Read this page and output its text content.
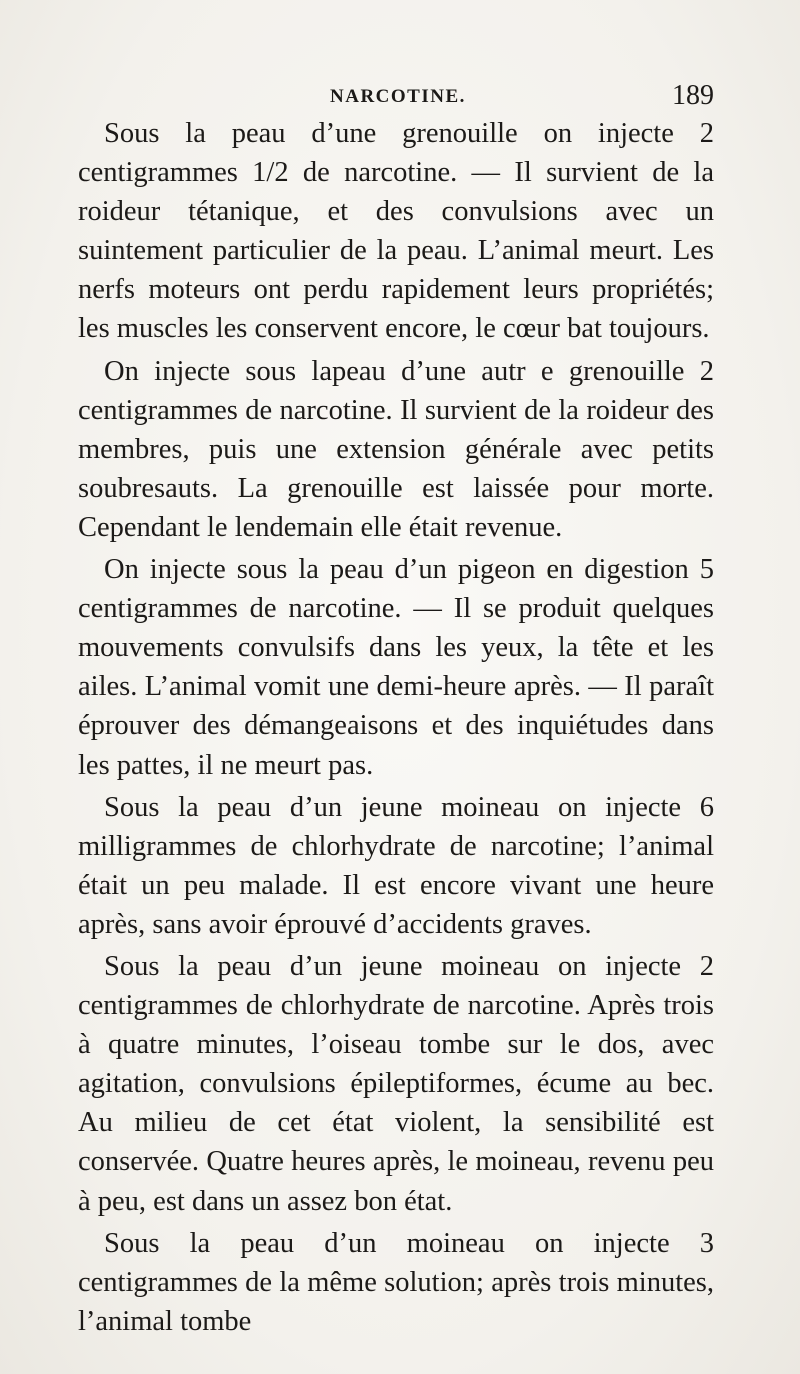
NARCOTINE.	189

Sous la peau d’une grenouille on injecte 2 centigrammes 1/2 de narcotine. — Il survient de la roideur tétanique, et des convulsions avec un suintement particulier de la peau. L’animal meurt. Les nerfs moteurs ont perdu rapidement leurs propriétés; les muscles les conservent encore, le cœur bat toujours.

On injecte sous lapeau d’une autr e grenouille 2 centigrammes de narcotine. Il survient de la roideur des membres, puis une extension générale avec petits soubresauts. La grenouille est laissée pour morte. Cependant le lendemain elle était revenue.

On injecte sous la peau d’un pigeon en digestion 5 centigrammes de narcotine. — Il se produit quelques mouvements convulsifs dans les yeux, la tête et les ailes. L’animal vomit une demi-heure après. — Il paraît éprouver des démangeaisons et des inquiétudes dans les pattes, il ne meurt pas.

Sous la peau d’un jeune moineau on injecte 6 milligrammes de chlorhydrate de narcotine; l’animal était un peu malade. Il est encore vivant une heure après, sans avoir éprouvé d’accidents graves.

Sous la peau d’un jeune moineau on injecte 2 centigrammes de chlorhydrate de narcotine. Après trois à quatre minutes, l’oiseau tombe sur le dos, avec agitation, convulsions épileptiformes, écume au bec. Au milieu de cet état violent, la sensibilité est conservée. Quatre heures après, le moineau, revenu peu à peu, est dans un assez bon état.

Sous la peau d’un moineau on injecte 3 centigrammes de la même solution; après trois minutes, l’animal tombe
